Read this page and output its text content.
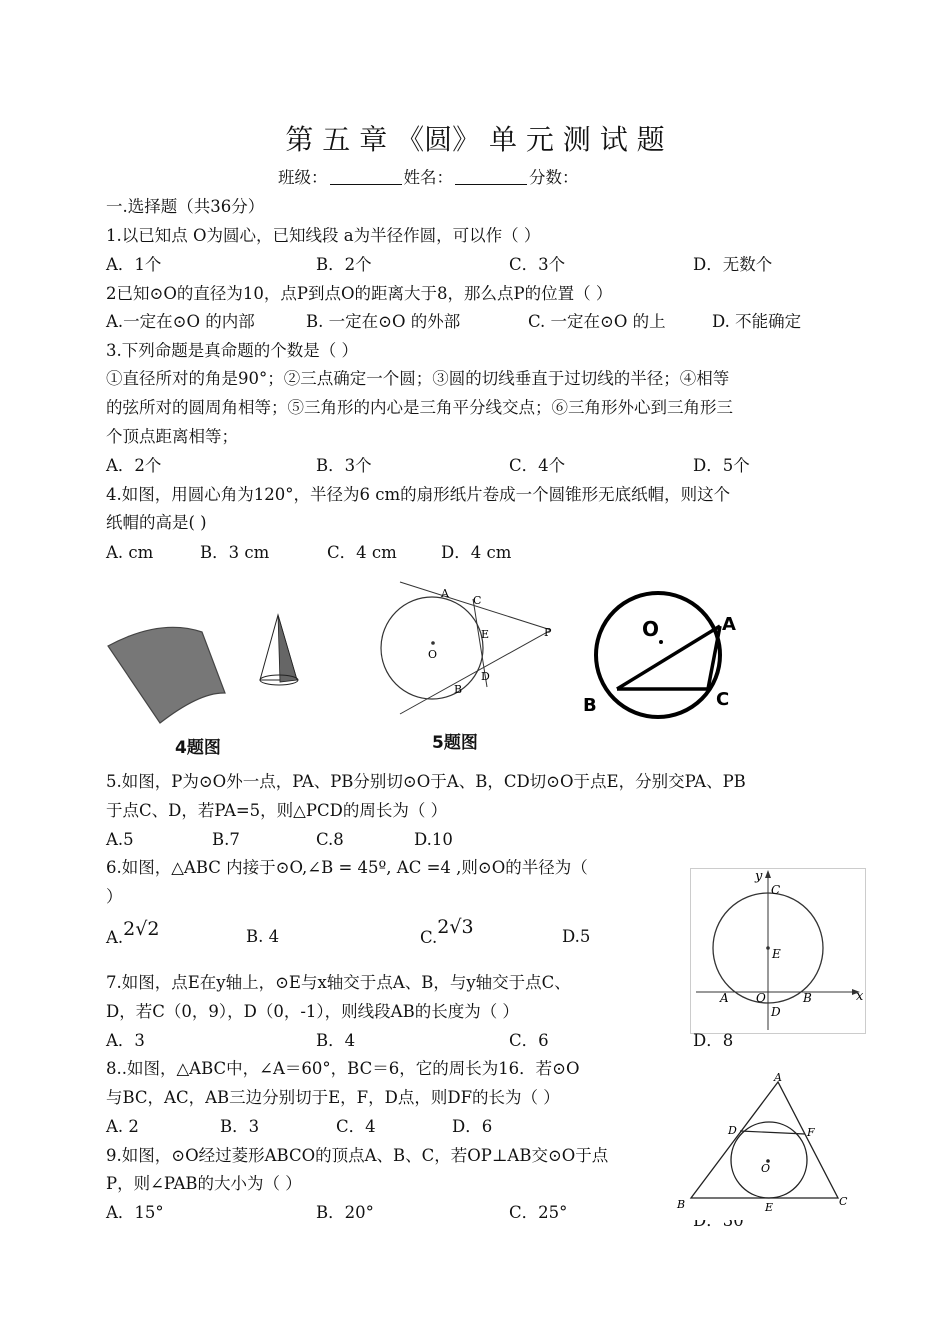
第 五 章 《圆》 单 元 测 试 题
班级：	姓名：	分数：
一.选择题（共36分）
1.以已知点 O为圆心，已知线段 a为半径作圆，可以作（ ）
A．1个	B．2个	C．3个	D．无数个
2已知⊙O的直径为10，点P到点O的距离大于8，那么点P的位置（ ）
A.一定在⊙O 的内部	B. 一定在⊙O 的外部	C. 一定在⊙O 的上	D. 不能确定
3.下列命题是真命题的个数是（ ）
①直径所对的角是90°；②三点确定一个圆；③圆的切线垂直于过切线的半径；④相等
的弦所对的圆周角相等；⑤三角形的内心是三角平分线交点；⑥三角形外心到三角形三
个顶点距离相等；
A．2个	B．3个	C．4个	D．5个
4.如图，用圆心角为120°，半径为6 cm的扇形纸片卷成一个圆锥形无底纸帽，则这个
纸帽的高是( )
A. cm	B．3 cm	C．4 cm	D．4 cm
4题图
A
C
E
D
B
P
O
5题图
O	A
B	C
5.如图，P为⊙O外一点，PA、PB分别切⊙O于A、B，CD切⊙O于点E，分别交PA、PB
于点C、D，若PA=5，则△PCD的周长为（ ）
A.5	B.7	C.8	D.10
6.如图，△ABC 内接于⊙O,∠B = 45º, AC =4 ,则⊙O的半径为（
）
A.2√2	B. 4	C.2√3	D.5
y
x
C
E
A O	B
D
7.如图，点E在y轴上，⊙E与x轴交于点A、B，与y轴交于点C、
D，若C（0，9），D（0，-1），则线段AB的长度为（ ）
A．3	B．4	C．6	D．8
8..如图，△ABC中，∠A＝60°，BC＝6，它的周长为16．若⊙O
与BC，AC，AB三边分别切于E，F，D点，则DF的长为（ ）
A. 2	B．3	C．4	D．6
9.如图，⊙O经过菱形ABCO的顶点A、B、C，若OP⊥AB交⊙O于点
P，则∠PAB的大小为（ ）
A．15°	B．20°	C．25°	D．30
A
B	C
D
E
F
O
